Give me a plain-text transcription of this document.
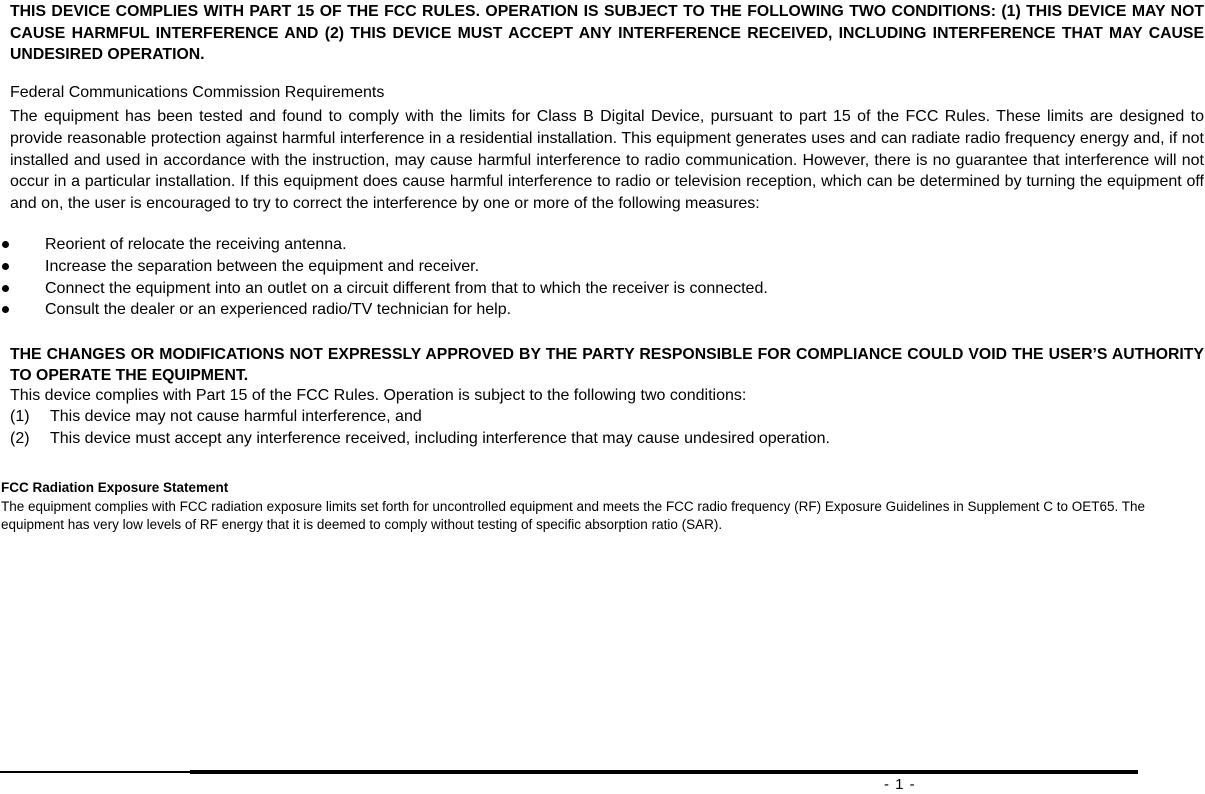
THIS DEVICE COMPLIES WITH PART 15 OF THE FCC RULES. OPERATION IS SUBJECT TO THE FOLLOWING TWO CONDITIONS: (1) THIS DEVICE MAY NOT CAUSE HARMFUL INTERFERENCE AND (2) THIS DEVICE MUST ACCEPT ANY INTERFERENCE RECEIVED, INCLUDING INTERFERENCE THAT MAY CAUSE UNDESIRED OPERATION.
Federal Communications Commission Requirements
The equipment has been tested and found to comply with the limits for Class B Digital Device, pursuant to part 15 of the FCC Rules. These limits are designed to provide reasonable protection against harmful interference in a residential installation. This equipment generates uses and can radiate radio frequency energy and, if not installed and used in accordance with the instruction, may cause harmful interference to radio communication. However, there is no guarantee that interference will not occur in a particular installation. If this equipment does cause harmful interference to radio or television reception, which can be determined by turning the equipment off and on, the user is encouraged to try to correct the interference by one or more of the following measures:
Reorient of relocate the receiving antenna.
Increase the separation between the equipment and receiver.
Connect the equipment into an outlet on a circuit different from that to which the receiver is connected.
Consult the dealer or an experienced radio/TV technician for help.
THE CHANGES OR MODIFICATIONS NOT EXPRESSLY APPROVED BY THE PARTY RESPONSIBLE FOR COMPLIANCE COULD VOID THE USER’S AUTHORITY TO OPERATE THE EQUIPMENT.
This device complies with Part 15 of the FCC Rules. Operation is subject to the following two conditions:
(1) This device may not cause harmful interference, and
(2) This device must accept any interference received, including interference that may cause undesired operation.
FCC Radiation Exposure Statement
The equipment complies with FCC radiation exposure limits set forth for uncontrolled equipment and meets the FCC radio frequency (RF) Exposure Guidelines in Supplement C to OET65. The equipment has very low levels of RF energy that it is deemed to comply without testing of specific absorption ratio (SAR).
- 1 -
